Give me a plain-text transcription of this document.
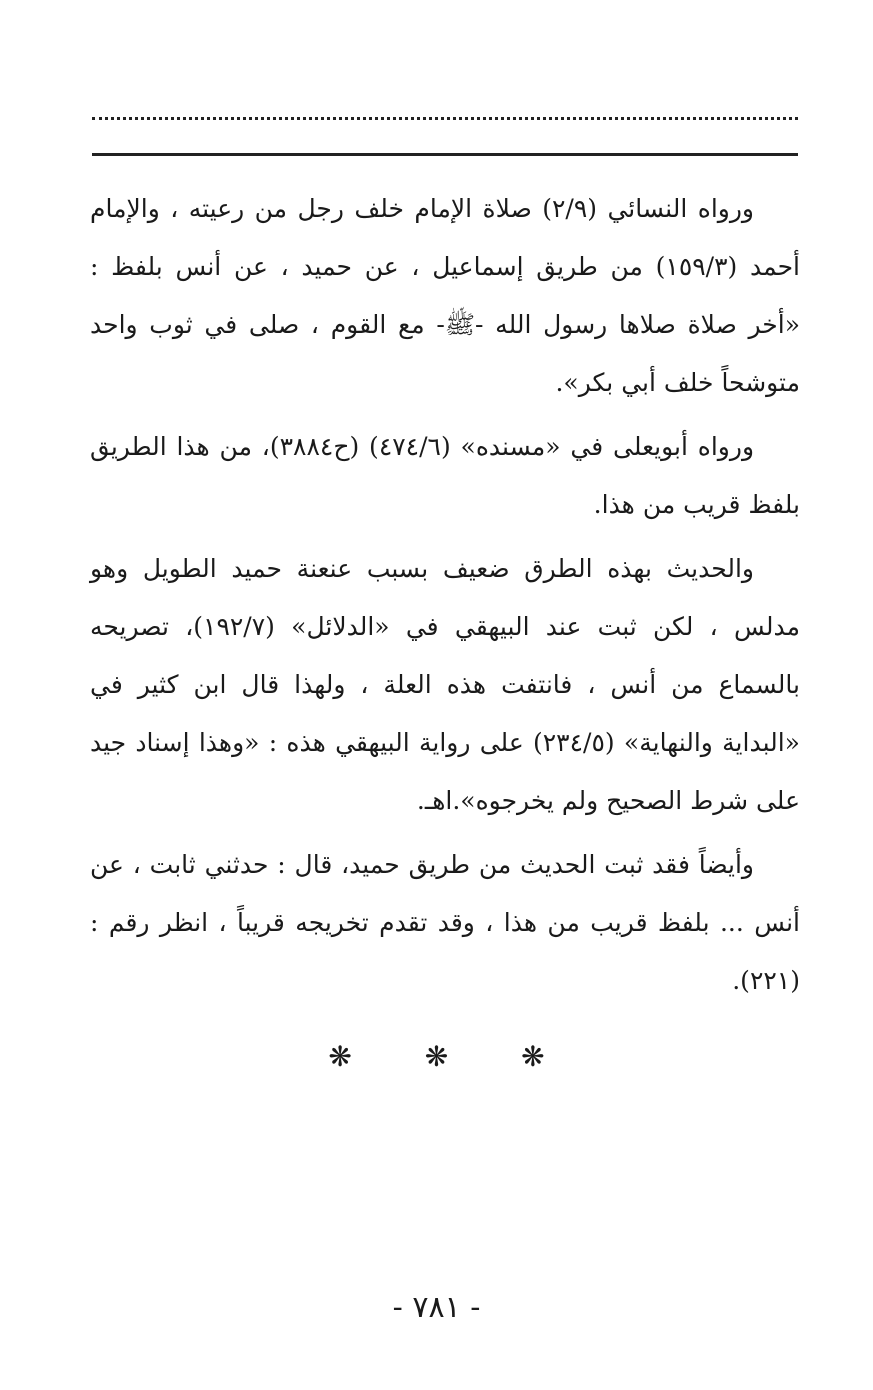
ورواه النسائي (٢/٩) صلاة الإمام خلف رجل من رعيته ، والإمام أحمد (١٥٩/٣) من طريق إسماعيل ، عن حميد ، عن أنس بلفظ : «أخر صلاة صلاها رسول الله -ﷺ- مع القوم ، صلى في ثوب واحد متوشحاً خلف أبي بكر».

ورواه أبويعلى في «مسنده» (٤٧٤/٦) (ح٣٨٨٤)، من هذا الطريق بلفظ قريب من هذا.

والحديث بهذه الطرق ضعيف بسبب عنعنة حميد الطويل وهو مدلس ، لكن ثبت عند البيهقي في «الدلائل» (١٩٢/٧)، تصريحه بالسماع من أنس ، فانتفت هذه العلة ، ولهذا قال ابن كثير في «البداية والنهاية» (٢٣٤/٥) على رواية البيهقي هذه : «وهذا إسناد جيد على شرط الصحيح ولم يخرجوه».اهـ.

وأيضاً فقد ثبت الحديث من طريق حميد، قال : حدثني ثابت ، عن أنس ... بلفظ قريب من هذا ، وقد تقدم تخريجه قريباً ، انظر رقم : (٢٢١).

❋	❋	❋
- ٧٨١ -
